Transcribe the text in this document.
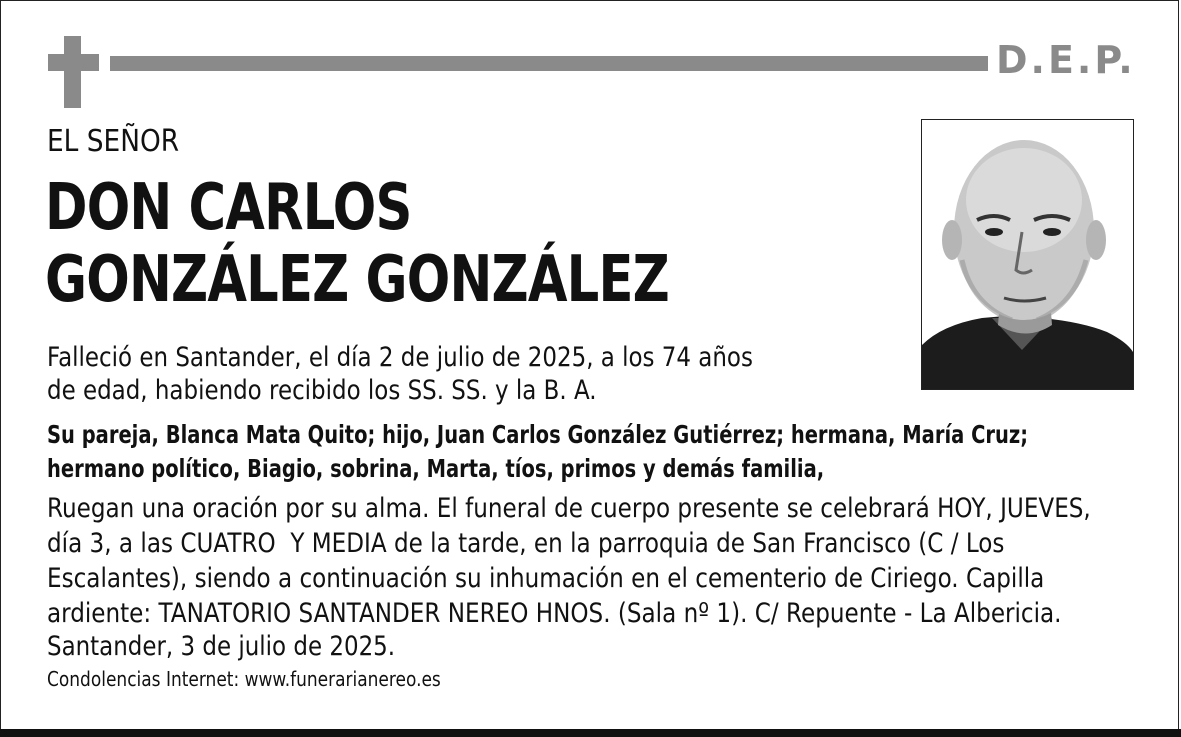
D.E.P.
EL SEÑOR
DON CARLOS
GONZÁLEZ GONZÁLEZ
Falleció en Santander, el día 2 de julio de 2025, a los 74 años
de edad, habiendo recibido los SS. SS. y la B. A.
Su pareja, Blanca Mata Quito; hijo, Juan Carlos González Gutiérrez; hermana, María Cruz;
hermano político, Biagio, sobrina, Marta, tíos, primos y demás familia,
Ruegan una oración por su alma. El funeral de cuerpo presente se celebrará HOY, JUEVES,
día 3, a las CUATRO  Y MEDIA de la tarde, en la parroquia de San Francisco (C / Los
Escalantes), siendo a continuación su inhumación en el cementerio de Ciriego. Capilla
ardiente: TANATORIO SANTANDER NEREO HNOS. (Sala nº 1). C/ Repuente - La Albericia.
Santander, 3 de julio de 2025.
Condolencias Internet: www.funerarianereo.es
